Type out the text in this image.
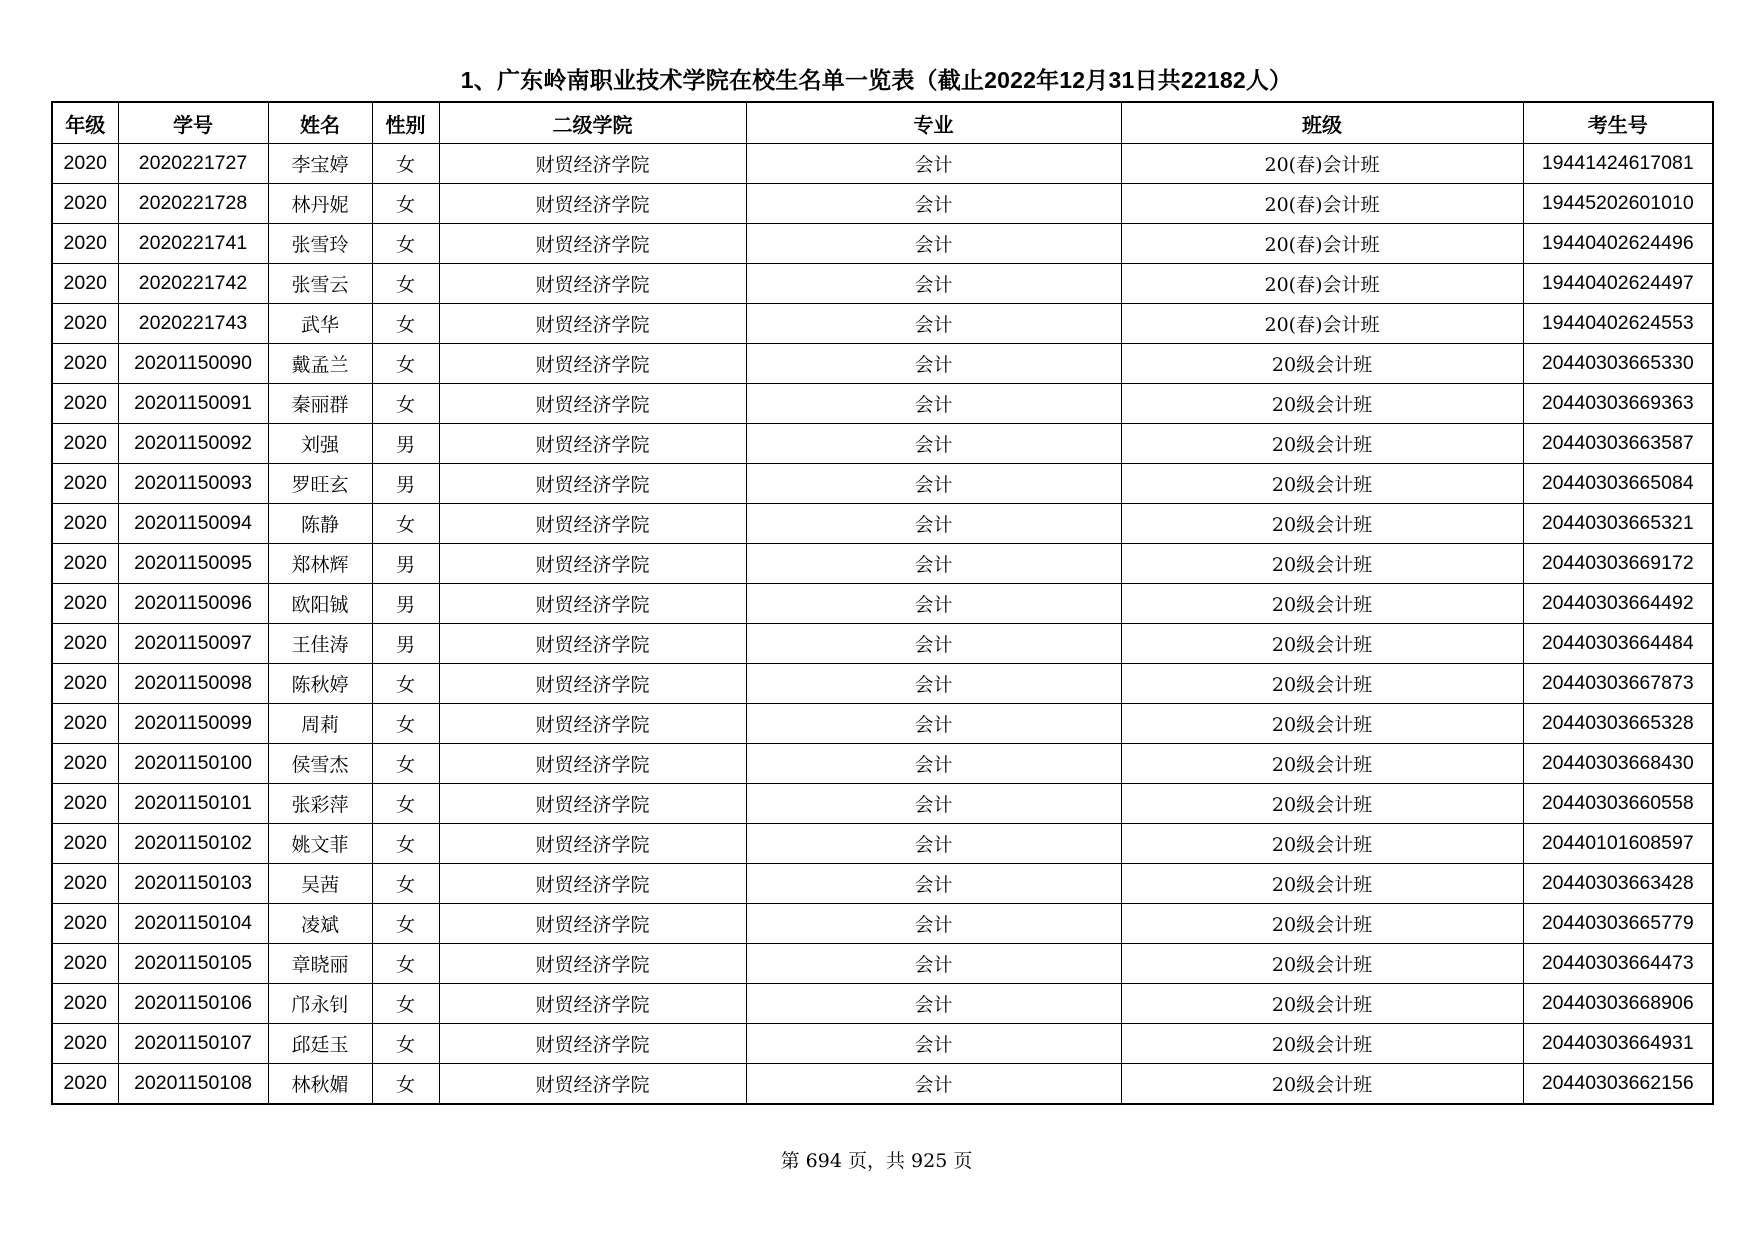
1、广东岭南职业技术学院在校生名单一览表（截止2022年12月31日共22182人）
年级	学号	姓名	性别	二级学院	专业	班级	考生号
2020	2020221727	李宝婷	女	财贸经济学院	会计	20(春)会计班	19441424617081
2020	2020221728	林丹妮	女	财贸经济学院	会计	20(春)会计班	19445202601010
2020	2020221741	张雪玲	女	财贸经济学院	会计	20(春)会计班	19440402624496
2020	2020221742	张雪云	女	财贸经济学院	会计	20(春)会计班	19440402624497
2020	2020221743	武华	女	财贸经济学院	会计	20(春)会计班	19440402624553
2020	20201150090	戴孟兰	女	财贸经济学院	会计	20级会计班	20440303665330
2020	20201150091	秦丽群	女	财贸经济学院	会计	20级会计班	20440303669363
2020	20201150092	刘强	男	财贸经济学院	会计	20级会计班	20440303663587
2020	20201150093	罗旺玄	男	财贸经济学院	会计	20级会计班	20440303665084
2020	20201150094	陈静	女	财贸经济学院	会计	20级会计班	20440303665321
2020	20201150095	郑林辉	男	财贸经济学院	会计	20级会计班	20440303669172
2020	20201150096	欧阳铖	男	财贸经济学院	会计	20级会计班	20440303664492
2020	20201150097	王佳涛	男	财贸经济学院	会计	20级会计班	20440303664484
2020	20201150098	陈秋婷	女	财贸经济学院	会计	20级会计班	20440303667873
2020	20201150099	周莉	女	财贸经济学院	会计	20级会计班	20440303665328
2020	20201150100	侯雪杰	女	财贸经济学院	会计	20级会计班	20440303668430
2020	20201150101	张彩萍	女	财贸经济学院	会计	20级会计班	20440303660558
2020	20201150102	姚文菲	女	财贸经济学院	会计	20级会计班	20440101608597
2020	20201150103	吴茜	女	财贸经济学院	会计	20级会计班	20440303663428
2020	20201150104	凌斌	女	财贸经济学院	会计	20级会计班	20440303665779
2020	20201150105	章晓丽	女	财贸经济学院	会计	20级会计班	20440303664473
2020	20201150106	邝永钊	女	财贸经济学院	会计	20级会计班	20440303668906
2020	20201150107	邱廷玉	女	财贸经济学院	会计	20级会计班	20440303664931
2020	20201150108	林秋媚	女	财贸经济学院	会计	20级会计班	20440303662156
第 694 页，共 925 页
